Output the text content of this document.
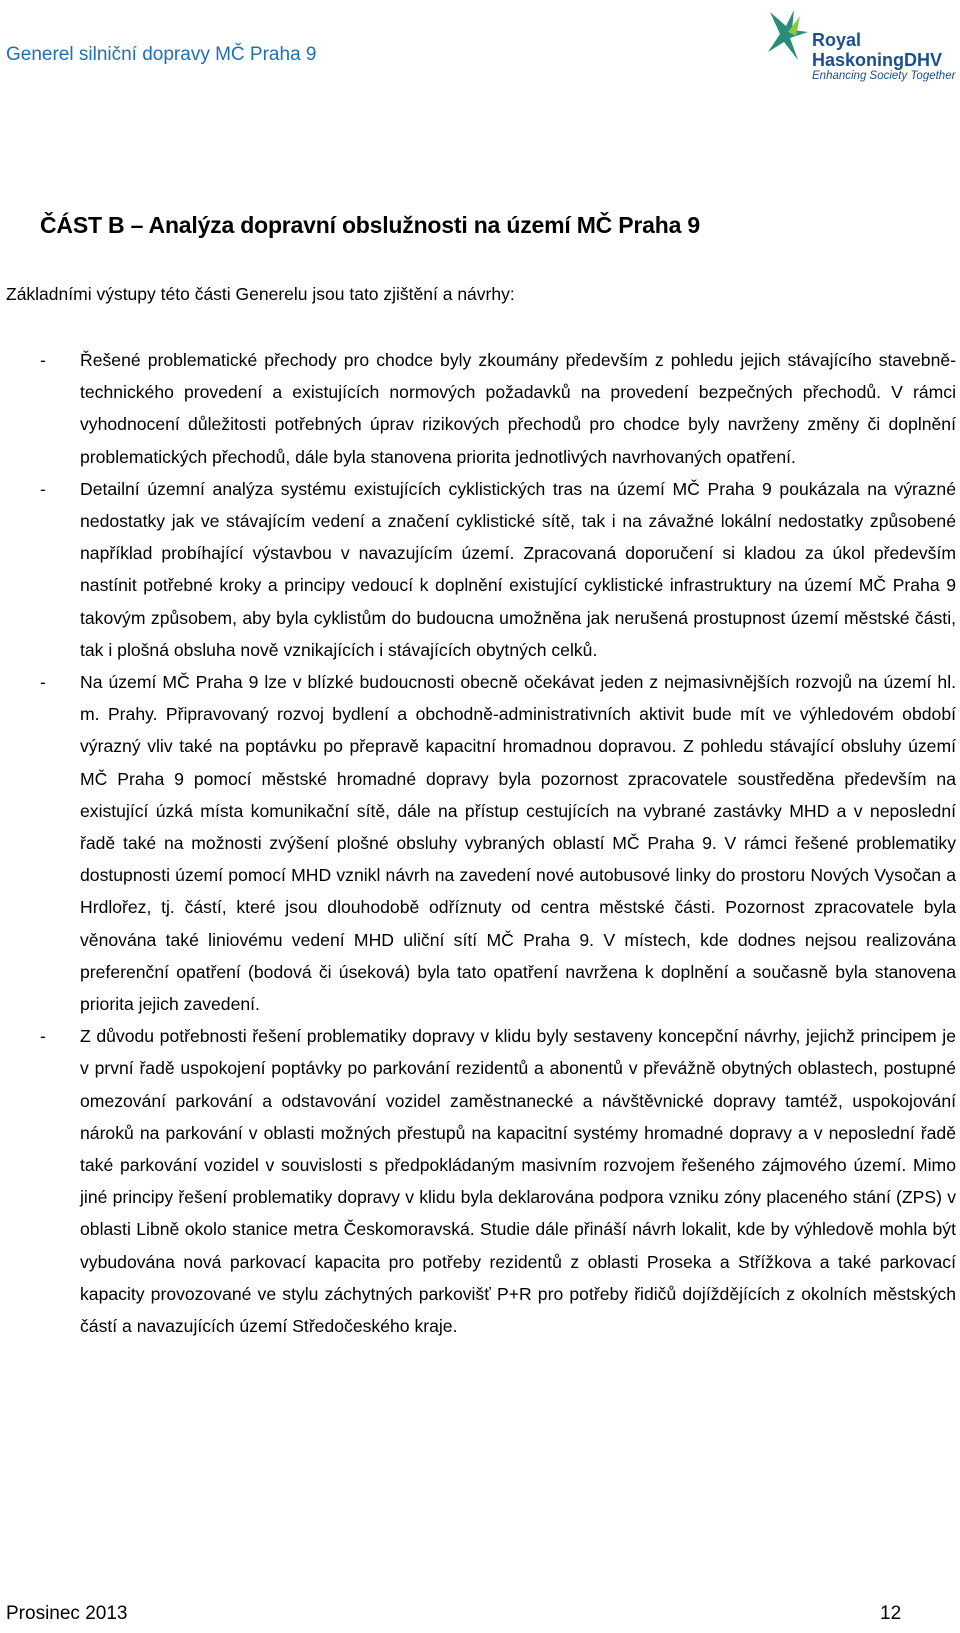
Generel silniční dopravy MČ Praha 9
Royal
HaskoningDHV
Enhancing Society Together
ČÁST B – Analýza dopravní obslužnosti na území MČ Praha 9

Základními výstupy této části Generelu jsou tato zjištění a návrhy:

- Řešené problematické přechody pro chodce byly zkoumány především z pohledu jejich stávajícího stavebně-technického provedení a existujících normových požadavků na provedení bezpečných přechodů. V rámci vyhodnocení důležitosti potřebných úprav rizikových přechodů pro chodce byly navrženy změny či doplnění problematických přechodů, dále byla stanovena priorita jednotlivých navrhovaných opatření.
- Detailní územní analýza systému existujících cyklistických tras na území MČ Praha 9 poukázala na výrazné nedostatky jak ve stávajícím vedení a značení cyklistické sítě, tak i na závažné lokální nedostatky způsobené například probíhající výstavbou v navazujícím území. Zpracovaná doporučení si kladou za úkol především nastínit potřebné kroky a principy vedoucí k doplnění existující cyklistické infrastruktury na území MČ Praha 9 takovým způsobem, aby byla cyklistům do budoucna umožněna jak nerušená prostupnost území městské části, tak i plošná obsluha nově vznikajících i stávajících obytných celků.
- Na území MČ Praha 9 lze v blízké budoucnosti obecně očekávat jeden z nejmasivnějších rozvojů na území hl. m. Prahy. Připravovaný rozvoj bydlení a obchodně-administrativních aktivit bude mít ve výhledovém období výrazný vliv také na poptávku po přepravě kapacitní hromadnou dopravou. Z pohledu stávající obsluhy území MČ Praha 9 pomocí městské hromadné dopravy byla pozornost zpracovatele soustředěna především na existující úzká místa komunikační sítě, dále na přístup cestujících na vybrané zastávky MHD a v neposlední řadě také na možnosti zvýšení plošné obsluhy vybraných oblastí MČ Praha 9. V rámci řešené problematiky dostupnosti území pomocí MHD vznikl návrh na zavedení nové autobusové linky do prostoru Nových Vysočan a Hrdlořez, tj. částí, které jsou dlouhodobě odříznuty od centra městské části. Pozornost zpracovatele byla věnována také liniovému vedení MHD uliční sítí MČ Praha 9. V místech, kde dodnes nejsou realizována preferenční opatření (bodová či úseková) byla tato opatření navržena k doplnění a současně byla stanovena priorita jejich zavedení.
- Z důvodu potřebnosti řešení problematiky dopravy v klidu byly sestaveny koncepční návrhy, jejichž principem je v první řadě uspokojení poptávky po parkování rezidentů a abonentů v převážně obytných oblastech, postupné omezování parkování a odstavování vozidel zaměstnanecké a návštěvnické dopravy tamtéž, uspokojování nároků na parkování v oblasti možných přestupů na kapacitní systémy hromadné dopravy a v neposlední řadě také parkování vozidel v souvislosti s předpokládaným masivním rozvojem řešeného zájmového území. Mimo jiné principy řešení problematiky dopravy v klidu byla deklarována podpora vzniku zóny placeného stání (ZPS) v oblasti Libně okolo stanice metra Českomoravská. Studie dále přináší návrh lokalit, kde by výhledově mohla být vybudována nová parkovací kapacita pro potřeby rezidentů z oblasti Proseka a Střížkova a také parkovací kapacity provozované ve stylu záchytných parkovišť P+R pro potřeby řidičů dojíždějících z okolních městských částí a navazujících území Středočeského kraje.
Prosinec 2013	12
